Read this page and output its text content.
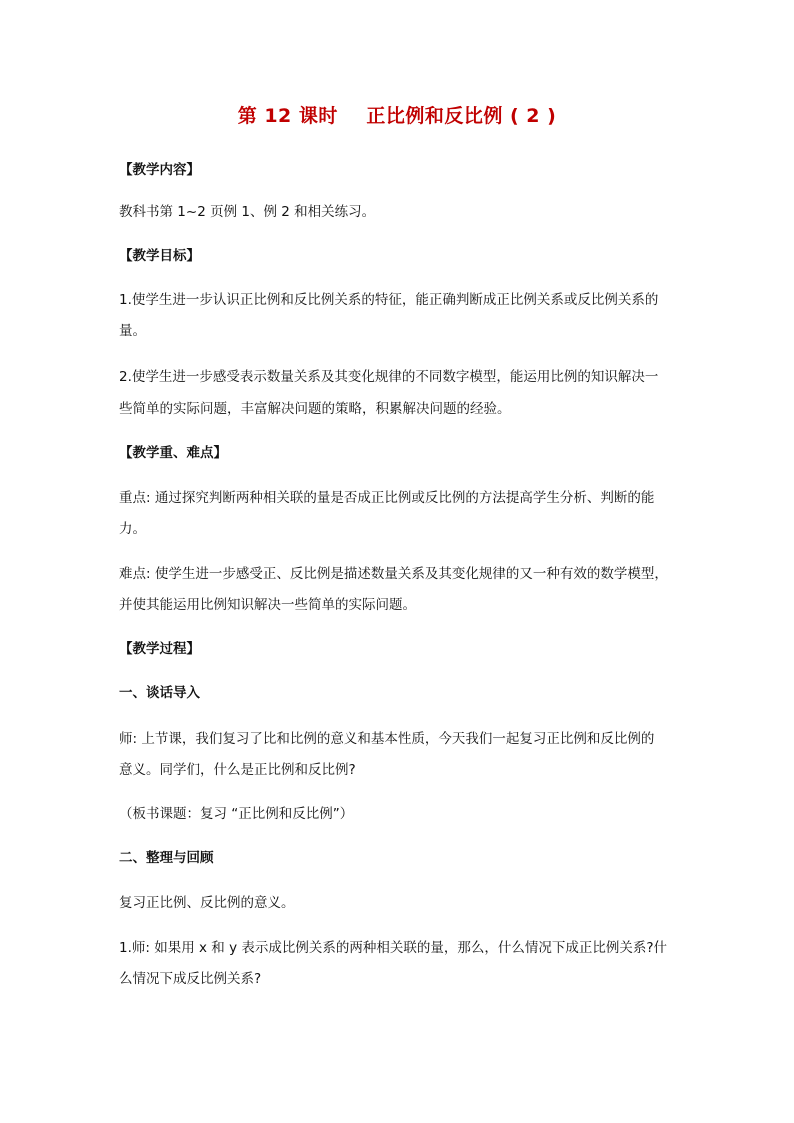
第 12 课时    正比例和反比例 ( 2 )
【教学内容】
教科书第 1~2 页例 1、例 2 和相关练习。
【教学目标】
1.使学生进一步认识正比例和反比例关系的特征，能正确判断成正比例关系或反比例关系的
量。
2.使学生进一步感受表示数量关系及其变化规律的不同数字模型，能运用比例的知识解决一
些简单的实际问题，丰富解决问题的策略，积累解决问题的经验。
【教学重、难点】
重点: 通过探究判断两种相关联的量是否成正比例或反比例的方法提高学生分析、判断的能
力。
难点: 使学生进一步感受正、反比例是描述数量关系及其变化规律的又一种有效的数学模型，
并使其能运用比例知识解决一些简单的实际问题。
【教学过程】
一、谈话导入
师: 上节课，我们复习了比和比例的意义和基本性质，今天我们一起复习正比例和反比例的
意义。同学们，什么是正比例和反比例?
（板书课题：复习 “正比例和反比例”）
二、整理与回顾
复习正比例、反比例的意义。
1.师: 如果用 x 和 y 表示成比例关系的两种相关联的量，那么，什么情况下成正比例关系?什
么情况下成反比例关系?
